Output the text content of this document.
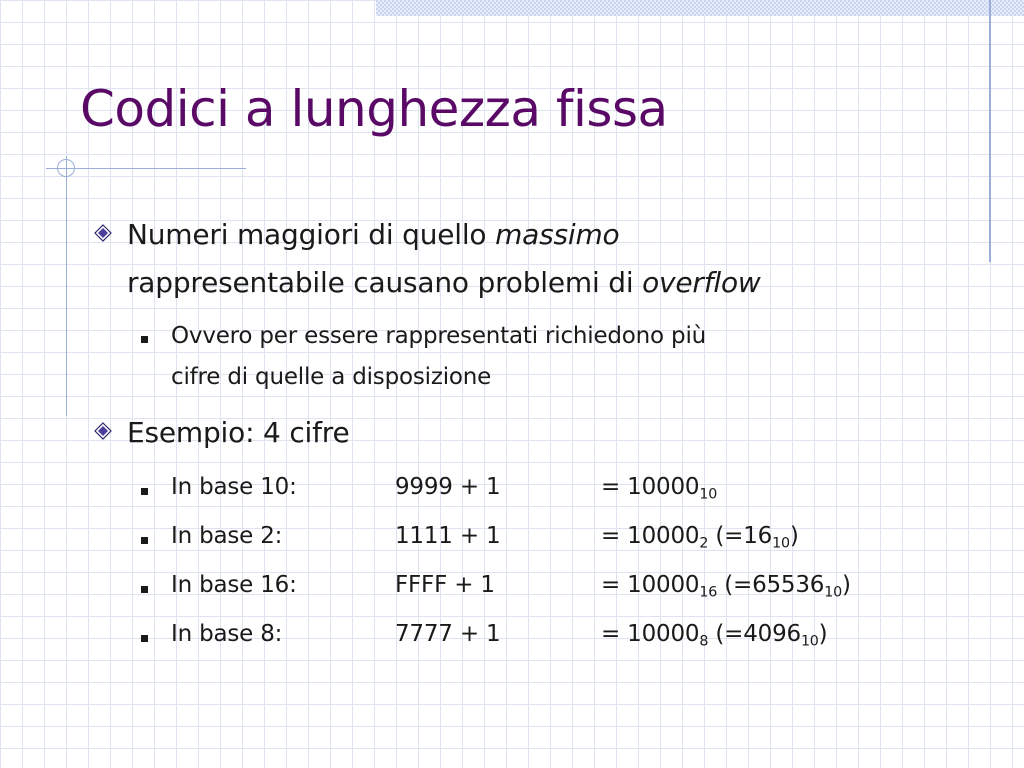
Codici a lunghezza fissa
Numeri maggiori di quello massimo
rappresentabile causano problemi di overflow
Ovvero per essere rappresentati richiedono più
cifre di quelle a disposizione
Esempio: 4 cifre
In base 10:	9999 + 1	= $10000_{10}$
In base 2:	1111 + 1	= $10000_2$ $(=16_{10})$
In base 16:	FFFF + 1	= $10000_{16}$ $(=65536_{10})$
In base 8:	7777 + 1	= $10000_8$ $(=4096_{10})$
